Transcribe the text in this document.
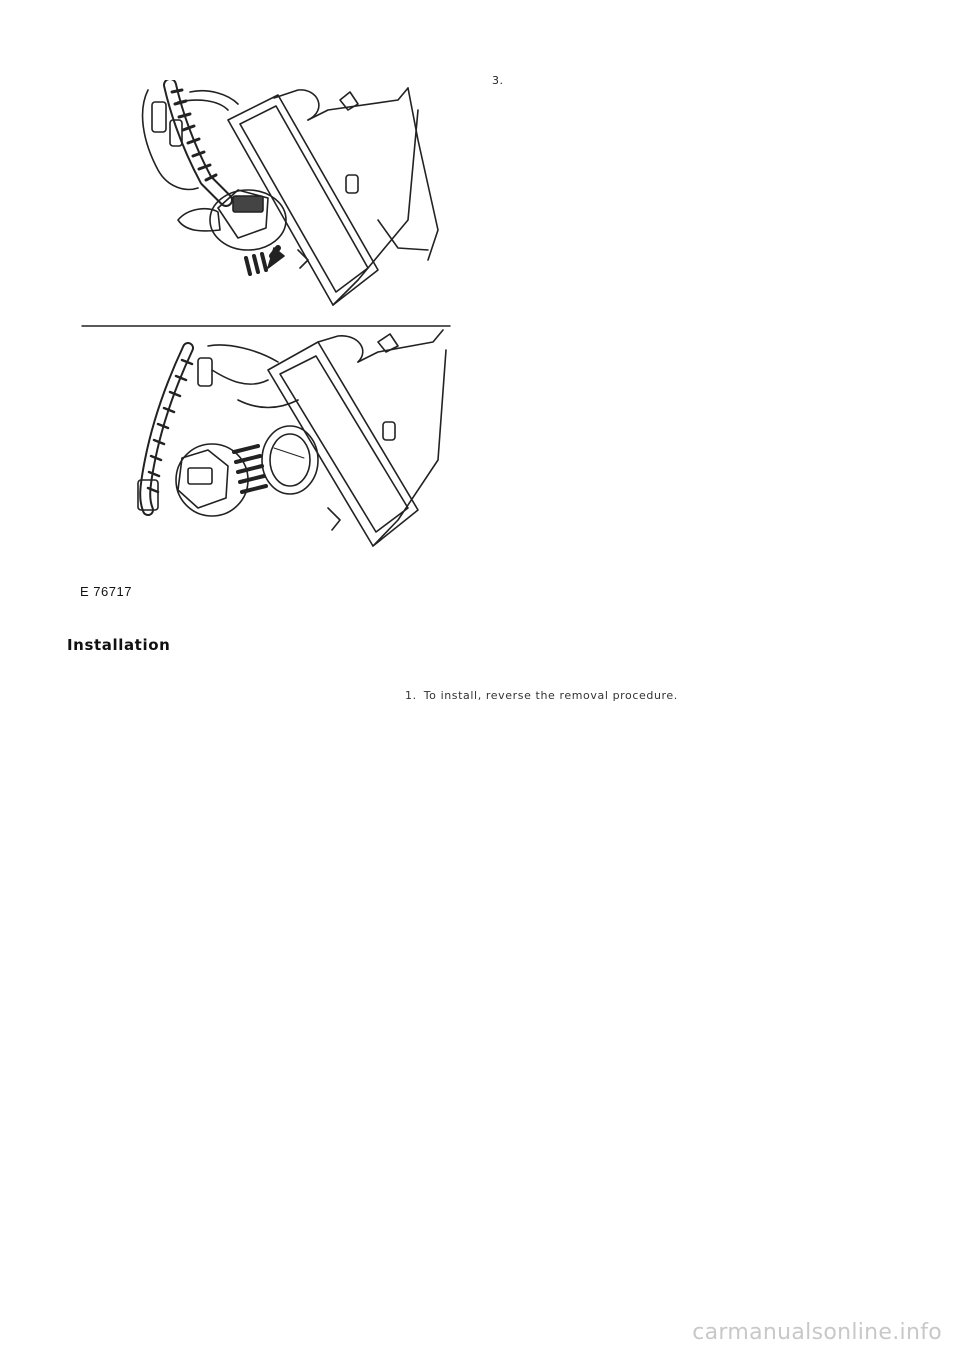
3.
E 76717
Installation
1. To install, reverse the removal procedure.
carmanualsonline.info
